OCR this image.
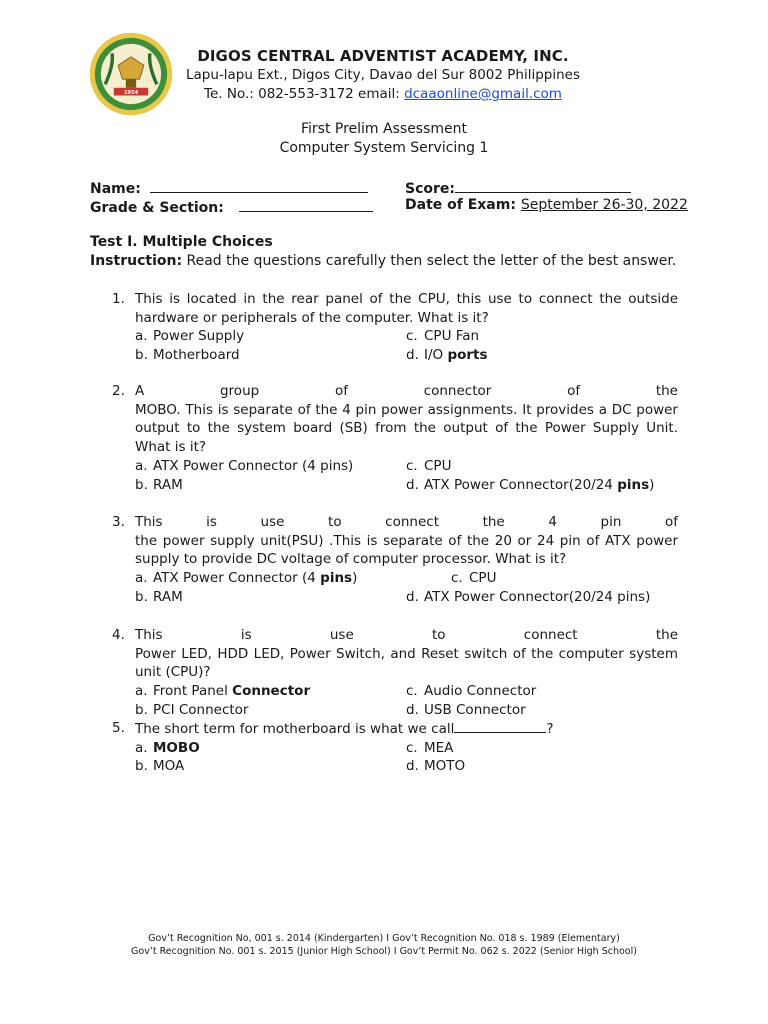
1954
DIGOS CENTRAL ADVENTIST ACADEMY, INC.
Lapu-lapu Ext., Digos City, Davao del Sur 8002 Philippines
Te. No.: 082-553-3172 email: dcaaonline@gmail.com
First Prelim Assessment
Computer System Servicing 1
Name:
Grade & Section:
Score:
Date of Exam: September 26-30, 2022
Test I. Multiple Choices
Instruction: Read the questions carefully then select the letter of the best answer.
1. This is located in the rear panel of the CPU, this use to connect the outside hardware or peripherals of the computer. What is it?
a. Power Supply	c. CPU Fan
b. Motherboard	d. I/O ports
2. A group of connector of the
MOBO. This is separate of the 4 pin power assignments. It provides a DC power output to the system board (SB) from the output of the Power Supply Unit. What is it?
a. ATX Power Connector (4 pins)	c. CPU
b. RAM	d. ATX Power Connector(20/24 pins)
3. This is use to connect the 4 pin of
the power supply unit(PSU) .This is separate of the 20 or 24 pin of ATX power supply to provide DC voltage of computer processor. What is it?
a. ATX Power Connector (4 pins)	c. CPU
b. RAM	d. ATX Power Connector(20/24 pins)
4. This is use to connect the
Power LED, HDD LED, Power Switch, and Reset switch of the computer system unit (CPU)?
a. Front Panel Connector	c. Audio Connector
b. PCI Connector	d. USB Connector
5. The short term for motherboard is what we call	?
a. MOBO	c. MEA
b. MOA	d. MOTO
Gov’t Recognition No, 001 s. 2014 (Kindergarten) I Gov’t Recognition No. 018 s. 1989 (Elementary)
Gov’t Recognition No. 001 s. 2015 (Junior High School) I Gov’t Permit No. 062 s. 2022 (Senior High School)
